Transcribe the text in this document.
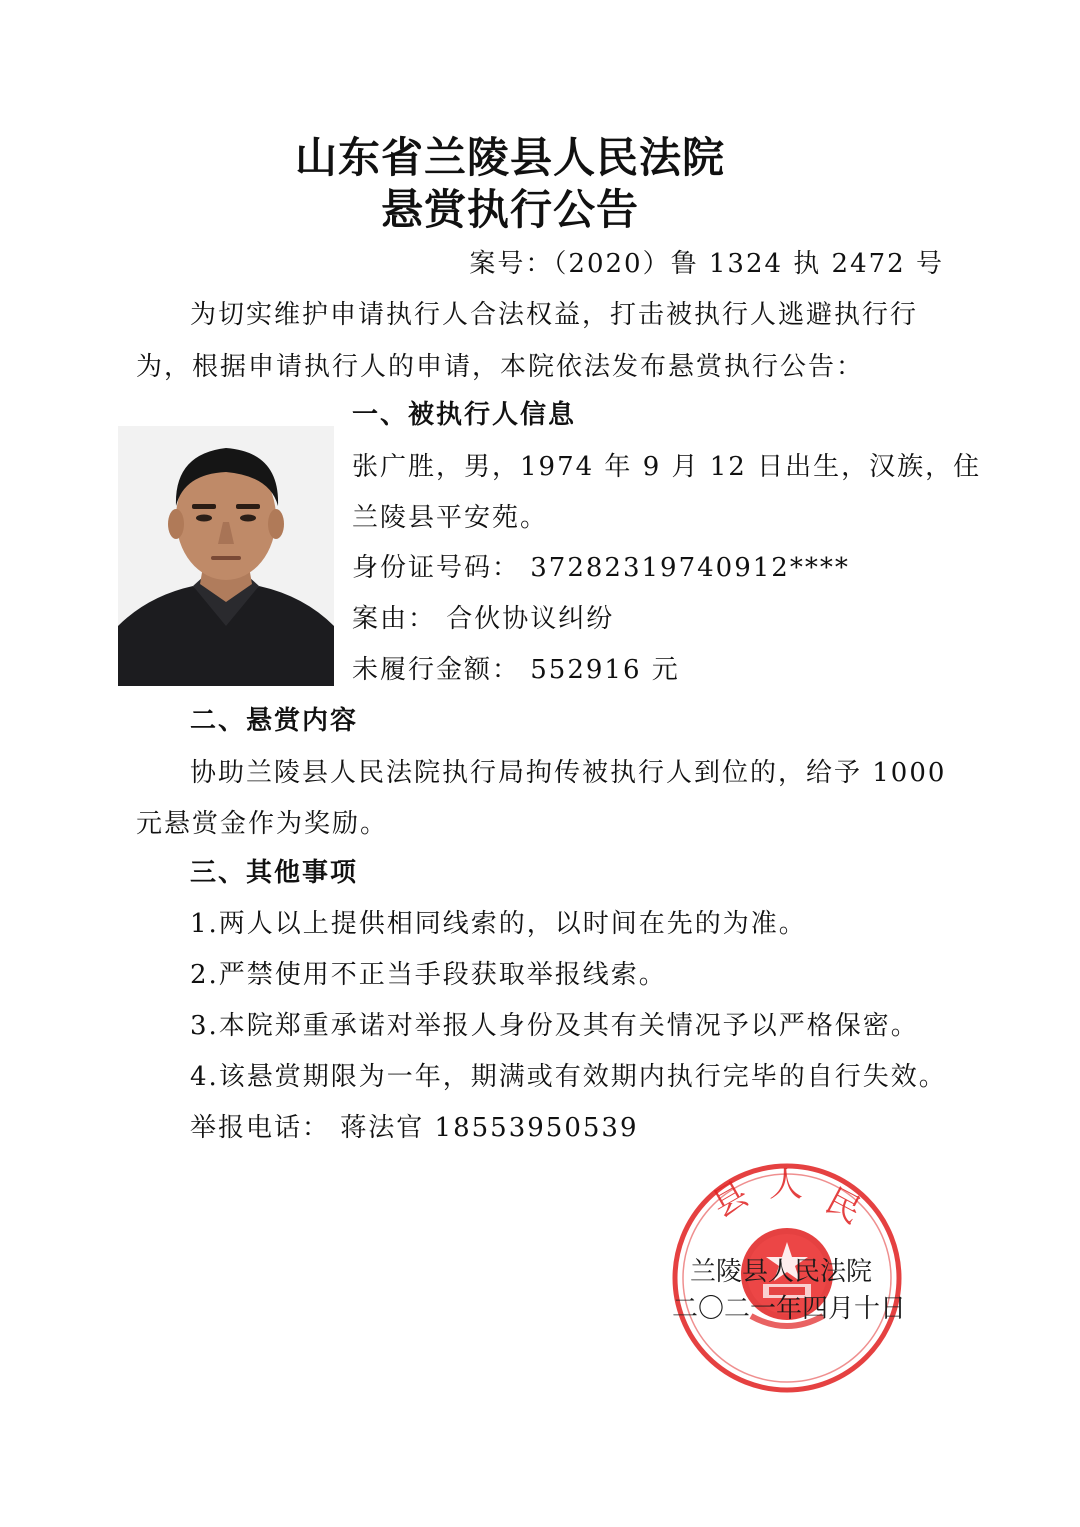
山东省兰陵县人民法院
悬赏执行公告
案号：（2020）鲁 1324 执 2472 号
为切实维护申请执行人合法权益，打击被执行人逃避执行行
为，根据申请执行人的申请，本院依法发布悬赏执行公告：
一、被执行人信息
张广胜，男，1974 年 9 月 12 日出生，汉族，住
兰陵县平安苑。
身份证号码： 37282319740912****
案由： 合伙协议纠纷
未履行金额： 552916 元
二、悬赏内容
协助兰陵县人民法院执行局拘传被执行人到位的，给予 1000
元悬赏金作为奖励。
三、其他事项
1.两人以上提供相同线索的，以时间在先的为准。
2.严禁使用不正当手段获取举报线索。
3.本院郑重承诺对举报人身份及其有关情况予以严格保密。
4.该悬赏期限为一年，期满或有效期内执行完毕的自行失效。
举报电话： 蒋法官 18553950539
县 人 民
兰陵县人民法院
二〇二一年四月十日
